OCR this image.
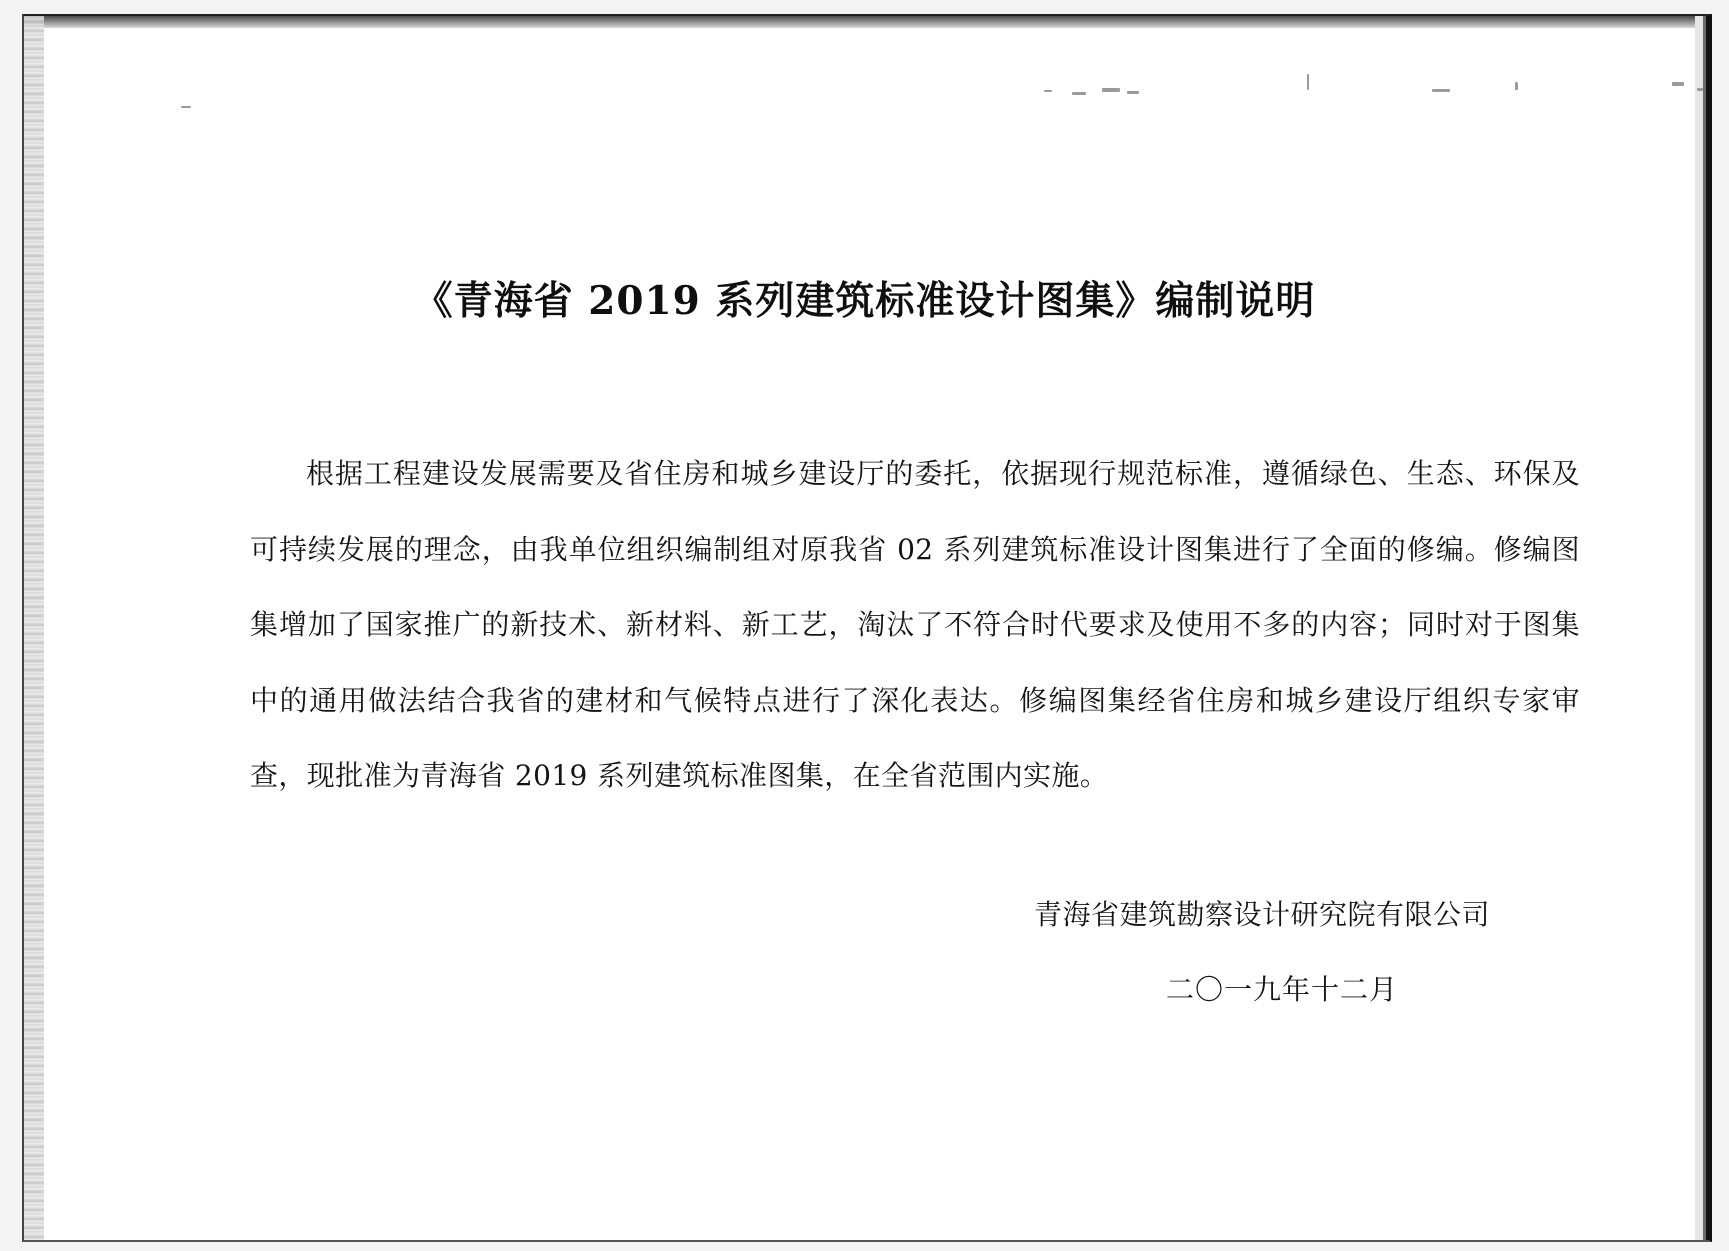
《青海省 2019 系列建筑标准设计图集》编制说明

根据工程建设发展需要及省住房和城乡建设厅的委托，依据现行规范标准，遵循绿色、生态、环保及可持续发展的理念，由我单位组织编制组对原我省 02 系列建筑标准设计图集进行了全面的修编。修编图集增加了国家推广的新技术、新材料、新工艺，淘汰了不符合时代要求及使用不多的内容；同时对于图集中的通用做法结合我省的建材和气候特点进行了深化表达。修编图集经省住房和城乡建设厅组织专家审查，现批准为青海省 2019 系列建筑标准图集，在全省范围内实施。

青海省建筑勘察设计研究院有限公司
二〇一九年十二月
